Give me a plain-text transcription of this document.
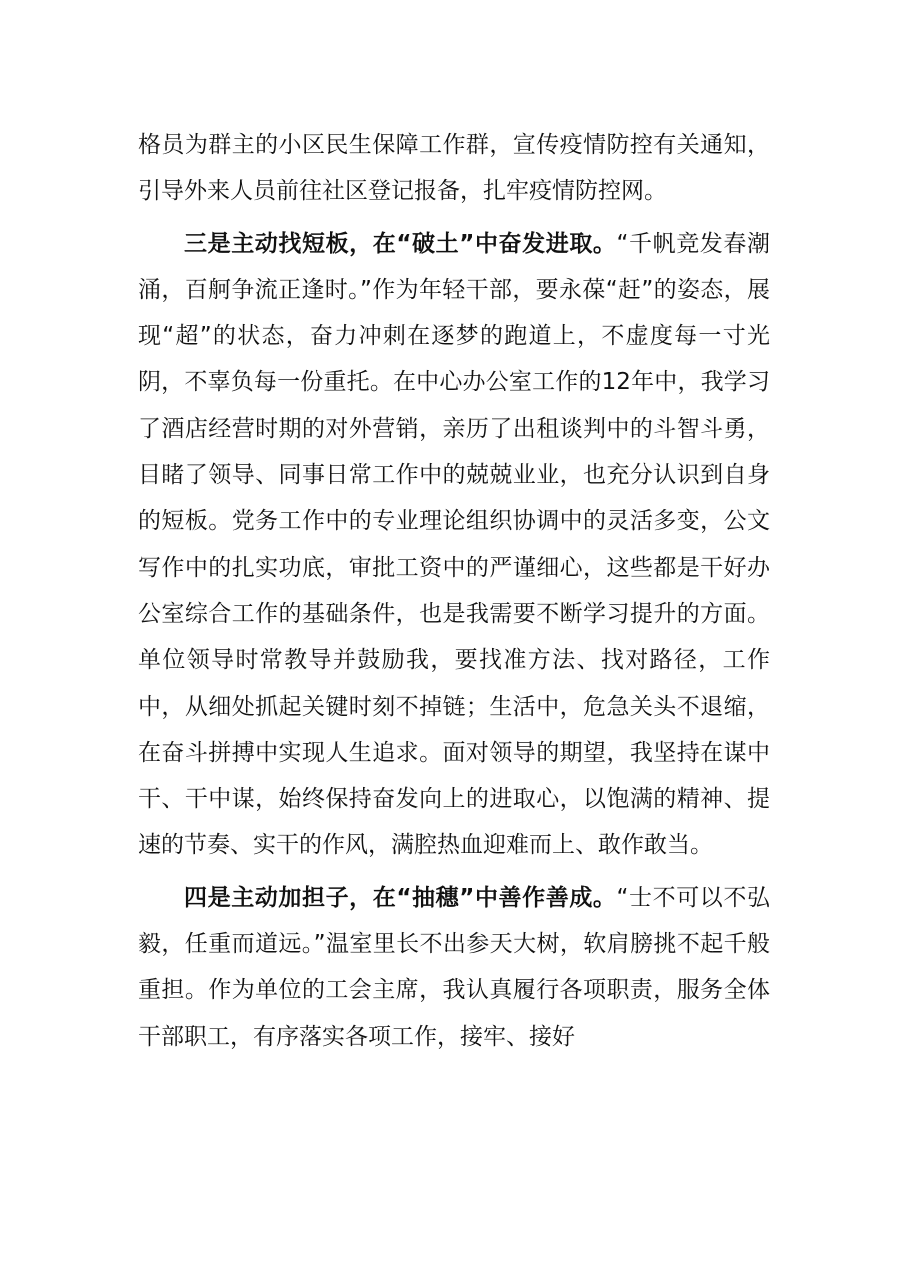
格员为群主的小区民生保障工作群，宣传疫情防控有关通知，引导外来人员前往社区登记报备，扎牢疫情防控网。

三是主动找短板，在“破土”中奋发进取。“千帆竞发春潮涌，百舸争流正逢时。”作为年轻干部，要永葆“赶”的姿态，展现“超”的状态，奋力冲刺在逐梦的跑道上，不虚度每一寸光阴，不辜负每一份重托。在中心办公室工作的12年中，我学习了酒店经营时期的对外营销，亲历了出租谈判中的斗智斗勇，目睹了领导、同事日常工作中的兢兢业业，也充分认识到自身的短板。党务工作中的专业理论组织协调中的灵活多变，公文写作中的扎实功底，审批工资中的严谨细心，这些都是干好办公室综合工作的基础条件，也是我需要不断学习提升的方面。单位领导时常教导并鼓励我，要找准方法、找对路径，工作中，从细处抓起关键时刻不掉链；生活中，危急关头不退缩，在奋斗拼搏中实现人生追求。面对领导的期望，我坚持在谋中干、干中谋，始终保持奋发向上的进取心，以饱满的精神、提速的节奏、实干的作风，满腔热血迎难而上、敢作敢当。

四是主动加担子，在“抽穗”中善作善成。“士不可以不弘毅，任重而道远。”温室里长不出参天大树，软肩膀挑不起千般重担。作为单位的工会主席，我认真履行各项职责，服务全体干部职工，有序落实各项工作，接牢、接好
